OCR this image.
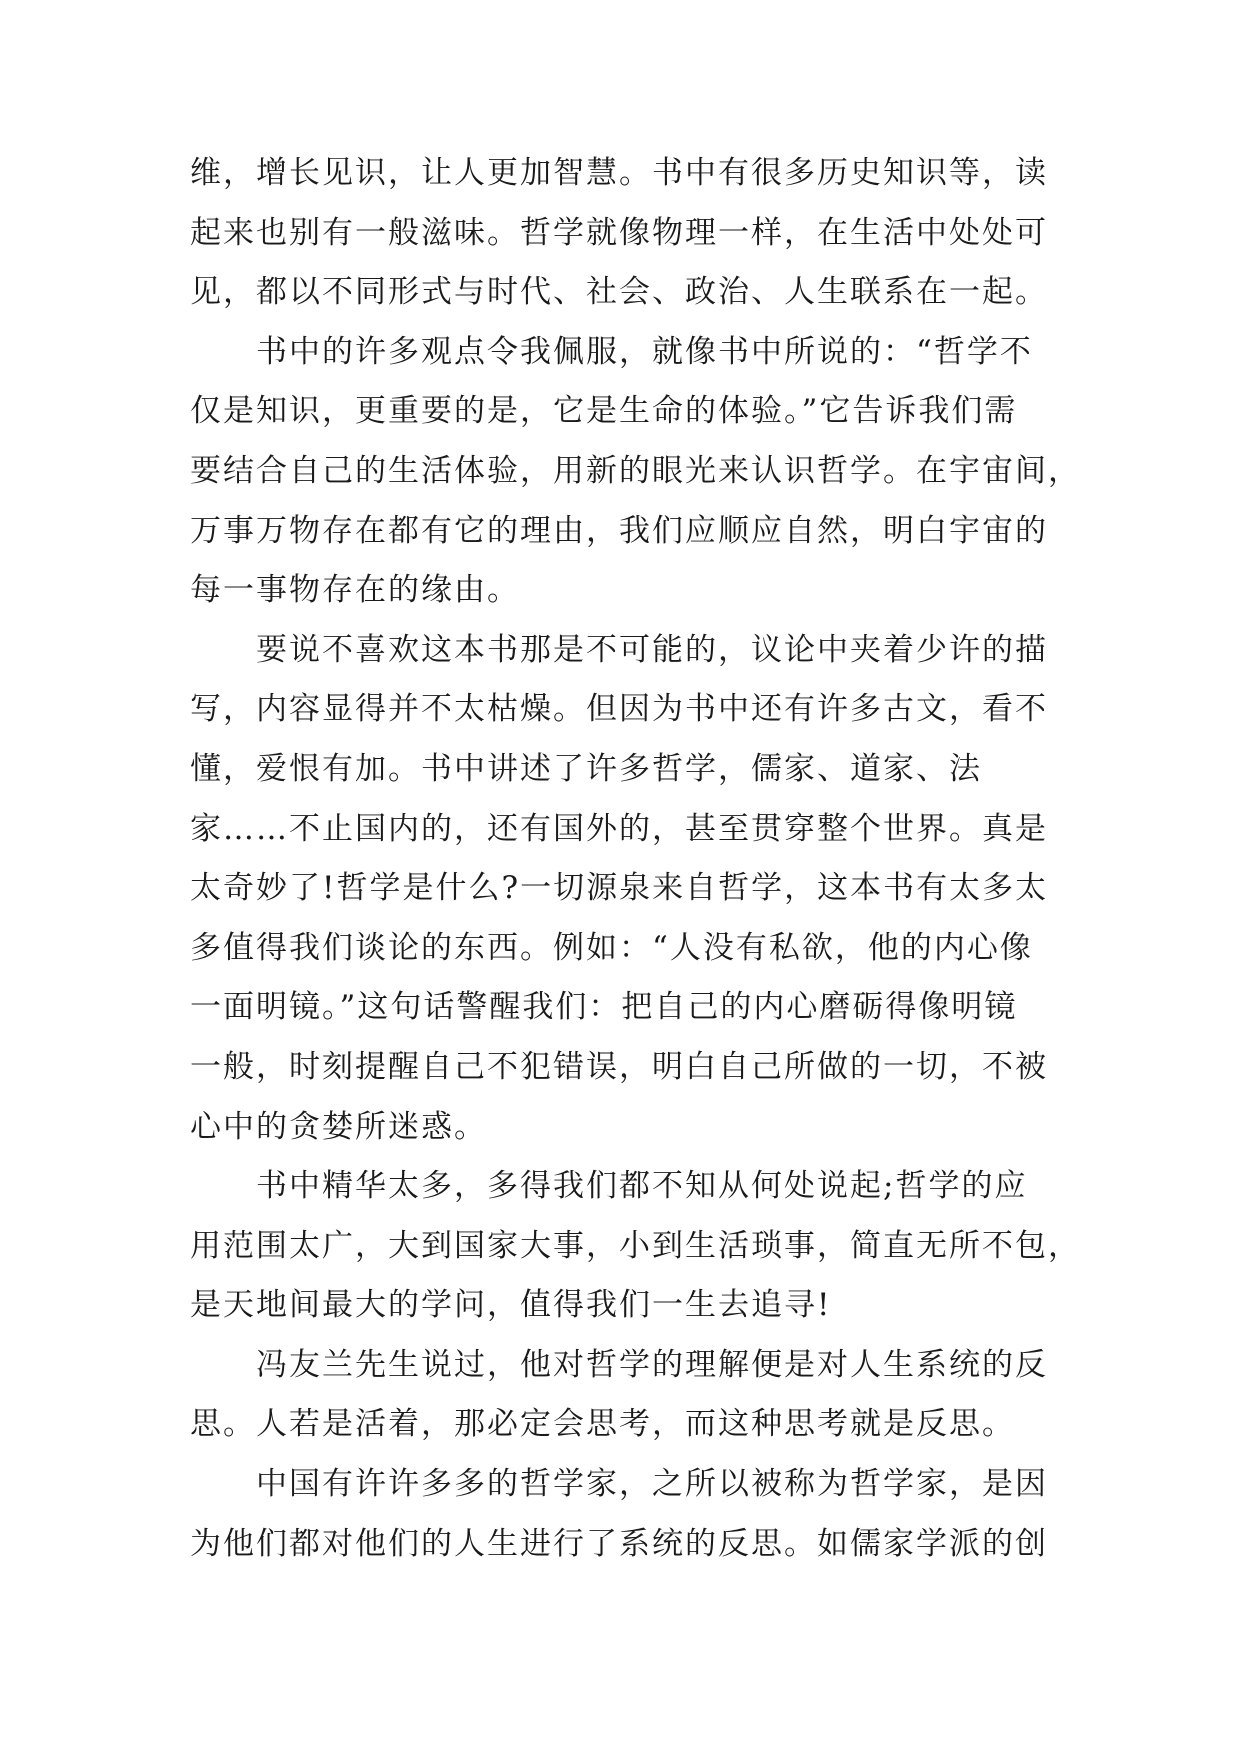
维，增长见识，让人更加智慧。书中有很多历史知识等，读
起来也别有一般滋味。哲学就像物理一样，在生活中处处可
见，都以不同形式与时代、社会、政治、人生联系在一起。

书中的许多观点令我佩服，就像书中所说的：“哲学不
仅是知识，更重要的是，它是生命的体验。”它告诉我们需
要结合自己的生活体验，用新的眼光来认识哲学。在宇宙间，
万事万物存在都有它的理由，我们应顺应自然，明白宇宙的
每一事物存在的缘由。

要说不喜欢这本书那是不可能的，议论中夹着少许的描
写，内容显得并不太枯燥。但因为书中还有许多古文，看不
懂，爱恨有加。书中讲述了许多哲学，儒家、道家、法
家……不止国内的，还有国外的，甚至贯穿整个世界。真是
太奇妙了!哲学是什么?一切源泉来自哲学，这本书有太多太
多值得我们谈论的东西。例如：“人没有私欲，他的内心像
一面明镜。”这句话警醒我们：把自己的内心磨砺得像明镜
一般，时刻提醒自己不犯错误，明白自己所做的一切，不被
心中的贪婪所迷惑。

书中精华太多，多得我们都不知从何处说起;哲学的应
用范围太广，大到国家大事，小到生活琐事，简直无所不包，
是天地间最大的学问，值得我们一生去追寻!

冯友兰先生说过，他对哲学的理解便是对人生系统的反
思。人若是活着，那必定会思考，而这种思考就是反思。

中国有许许多多的哲学家，之所以被称为哲学家，是因
为他们都对他们的人生进行了系统的反思。如儒家学派的创
